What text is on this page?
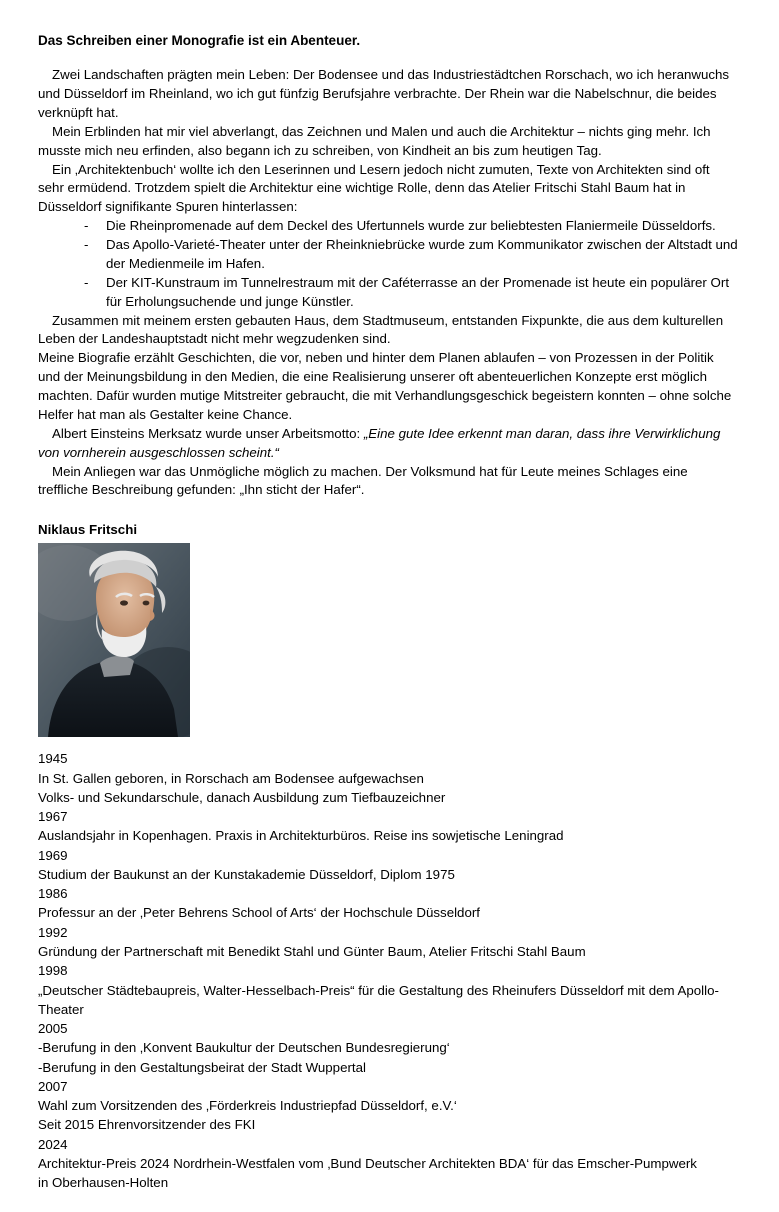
Das Schreiben einer Monografie ist ein Abenteuer.

Zwei Landschaften prägten mein Leben: Der Bodensee und das Industriestädtchen Rorschach, wo ich heranwuchs und Düsseldorf im Rheinland, wo ich gut fünfzig Berufsjahre verbrachte. Der Rhein war die Nabelschnur, die beides verknüpft hat.

Mein Erblinden hat mir viel abverlangt, das Zeichnen und Malen und auch die Architektur – nichts ging mehr. Ich musste mich neu erfinden, also begann ich zu schreiben, von Kindheit an bis zum heutigen Tag.

Ein ‚Architektenbuch‘ wollte ich den Leserinnen und Lesern jedoch nicht zumuten, Texte von Architekten sind oft sehr ermüdend. Trotzdem spielt die Architektur eine wichtige Rolle, denn das Atelier Fritschi Stahl Baum hat in Düsseldorf signifikante Spuren hinterlassen:

-	Die Rheinpromenade auf dem Deckel des Ufertunnels wurde zur beliebtesten Flaniermeile Düsseldorfs.
-	Das Apollo-Varieté-Theater unter der Rheinkniebrücke wurde zum Kommunikator zwischen der Altstadt und der Medienmeile im Hafen.
-	Der KIT-Kunstraum im Tunnelrestraum mit der Caféterrasse an der Promenade ist heute ein populärer Ort für Erholungsuchende und junge Künstler.

Zusammen mit meinem ersten gebauten Haus, dem Stadtmuseum, entstanden Fixpunkte, die aus dem kulturellen Leben der Landeshauptstadt nicht mehr wegzudenken sind.

Meine Biografie erzählt Geschichten, die vor, neben und hinter dem Planen ablaufen – von Prozessen in der Politik und der Meinungsbildung in den Medien, die eine Realisierung unserer oft abenteuerlichen Konzepte erst möglich machten. Dafür wurden mutige Mitstreiter gebraucht, die mit Verhandlungsgeschick begeistern konnten – ohne solche Helfer hat man als Gestalter keine Chance.

Albert Einsteins Merksatz wurde unser Arbeitsmotto: „Eine gute Idee erkennt man daran, dass ihre Verwirklichung von vornherein ausgeschlossen scheint.“

Mein Anliegen war das Unmögliche möglich zu machen. Der Volksmund hat für Leute meines Schlages eine treffliche Beschreibung gefunden: „Ihn sticht der Hafer“.

Niklaus Fritschi
1945
In St. Gallen geboren, in Rorschach am Bodensee aufgewachsen
Volks- und Sekundarschule, danach Ausbildung zum Tiefbauzeichner
1967
Auslandsjahr in Kopenhagen. Praxis in Architekturbüros. Reise ins sowjetische Leningrad
1969
Studium der Baukunst an der Kunstakademie Düsseldorf, Diplom 1975
1986
Professur an der ‚Peter Behrens School of Arts‘ der Hochschule Düsseldorf
1992
Gründung der Partnerschaft mit Benedikt Stahl und Günter Baum, Atelier Fritschi Stahl Baum
1998
„Deutscher Städtebaupreis, Walter-Hesselbach-Preis“ für die Gestaltung des Rheinufers Düsseldorf mit dem Apollo-Theater
2005
-Berufung in den ‚Konvent Baukultur der Deutschen Bundesregierung‘
-Berufung in den Gestaltungsbeirat der Stadt Wuppertal
2007
Wahl zum Vorsitzenden des ‚Förderkreis Industriepfad Düsseldorf, e.V.‘
Seit 2015 Ehrenvorsitzender des FKI
2024
Architektur-Preis 2024 Nordrhein-Westfalen vom ‚Bund Deutscher Architekten BDA‘ für das Emscher-Pumpwerk
in Oberhausen-Holten
